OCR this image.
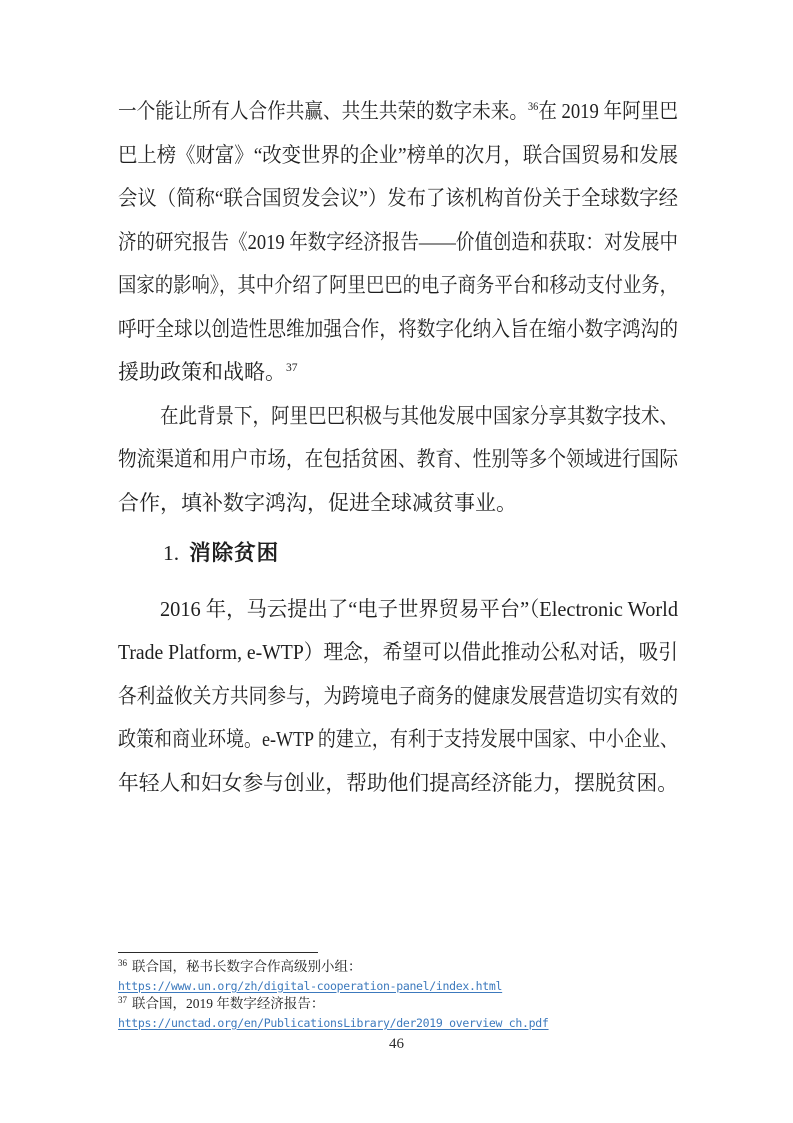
一个能让所有人合作共赢、共生共荣的数字未来。$^{36}$在 2019 年阿里巴
巴上榜《财富》“改变世界的企业”榜单的次月，联合国贸易和发展
会议（简称“联合国贸发会议”）发布了该机构首份关于全球数字经
济的研究报告《2019 年数字经济报告——价值创造和获取：对发展中
国家的影响》，其中介绍了阿里巴巴的电子商务平台和移动支付业务，
呼吁全球以创造性思维加强合作，将数字化纳入旨在缩小数字鸿沟的
援助政策和战略。$^{37}$
在此背景下，阿里巴巴积极与其他发展中国家分享其数字技术、
物流渠道和用户市场，在包括贫困、教育、性别等多个领域进行国际
合作，填补数字鸿沟，促进全球减贫事业。
1. 消除贫困
2016 年，马云提出了“电子世界贸易平台”（Electronic World
Trade Platform, e-WTP）理念，希望可以借此推动公私对话，吸引
各利益攸关方共同参与，为跨境电子商务的健康发展营造切实有效的
政策和商业环境。e-WTP 的建立，有利于支持发展中国家、中小企业、
年轻人和妇女参与创业，帮助他们提高经济能力，摆脱贫困。
$^{36}$ 联合国，秘书长数字合作高级别小组：
https://www.un.org/zh/digital-cooperation-panel/index.html
$^{37}$ 联合国，2019 年数字经济报告：
https://unctad.org/en/PublicationsLibrary/der2019_overview_ch.pdf
46
